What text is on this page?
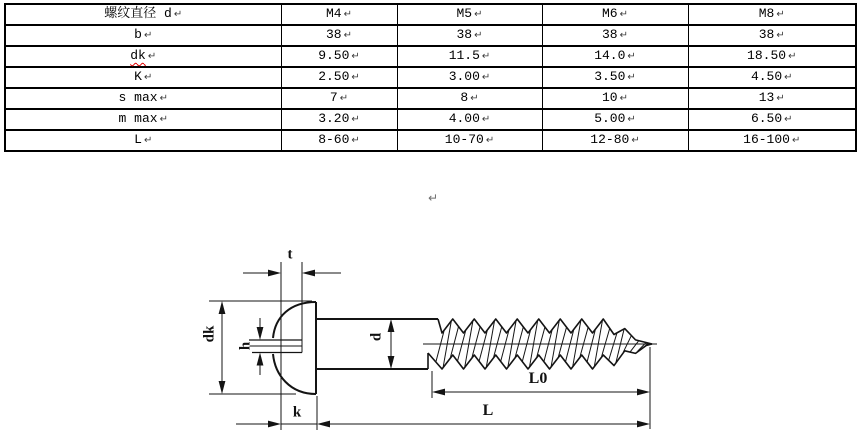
螺纹直径 d ↵	M4 ↵	M5 ↵	M6 ↵	M8 ↵
b ↵	38 ↵	38 ↵	38 ↵	38 ↵
dk ↵	9.50 ↵	11.5 ↵	14.0 ↵	18.50 ↵
K ↵	2.50 ↵	3.00 ↵	3.50 ↵	4.50 ↵
s max ↵	7 ↵	8 ↵	10 ↵	13 ↵
m max ↵	3.20 ↵	4.00 ↵	5.00 ↵	6.50 ↵
L ↵	8-60 ↵	10-70 ↵	12-80 ↵	16-100 ↵
↵
t
dk
h
d
k
L0
L
